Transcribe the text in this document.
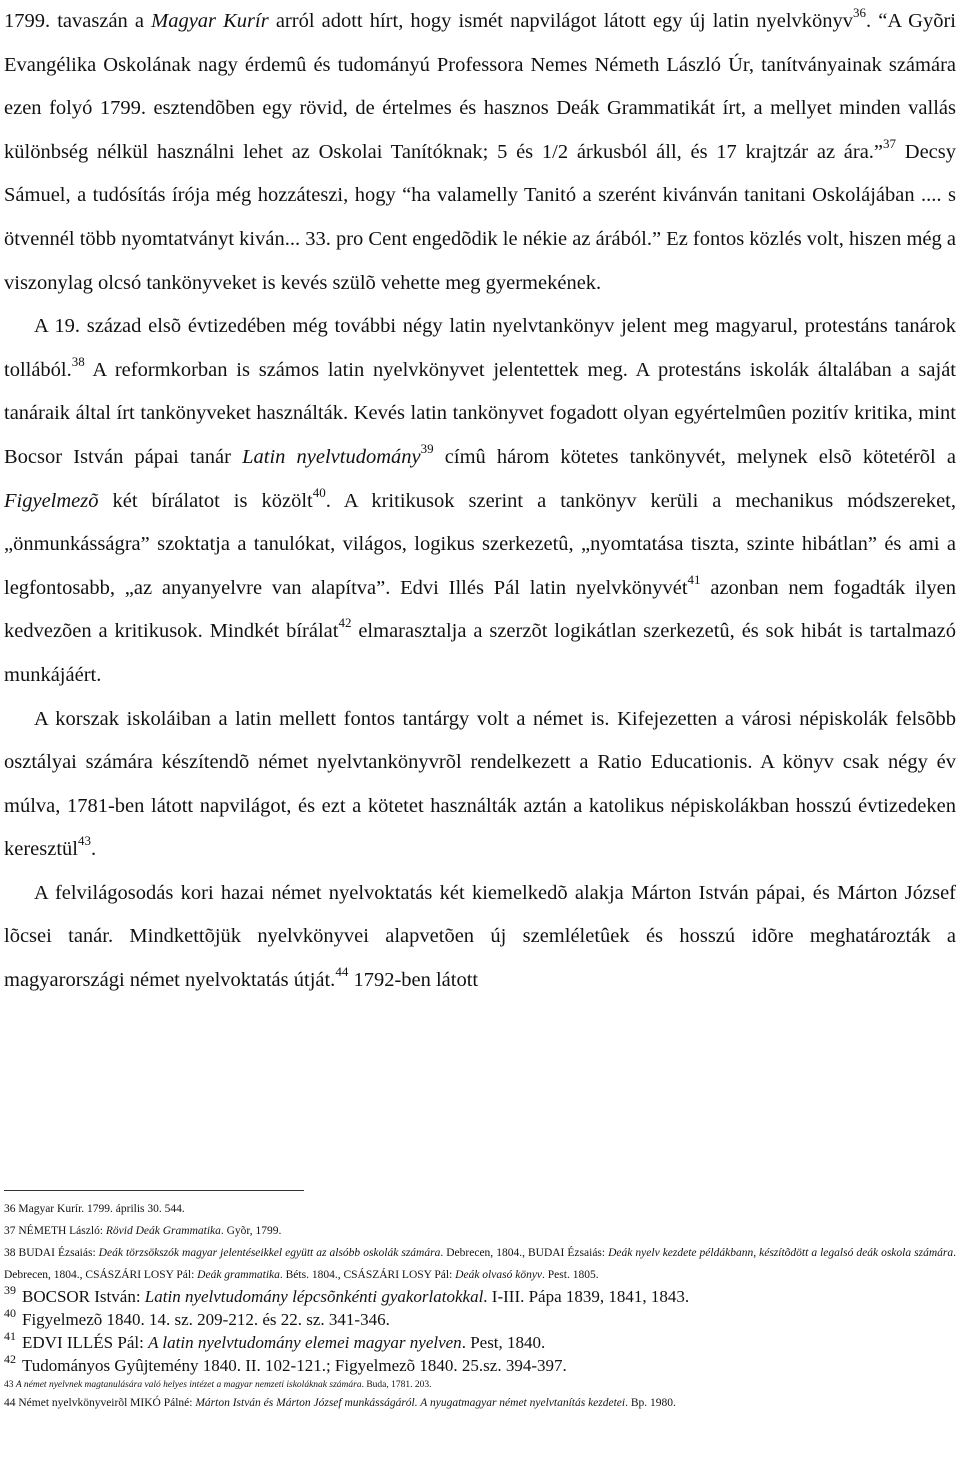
1799. tavaszán a Magyar Kurír arról adott hírt, hogy ismét napvilágot látott egy új latin nyelvkönyv$^{36}$. “A Gyõri Evangélika Oskolának nagy érdemû és tudományú Professora Nemes Németh László Úr, tanítványainak számára ezen folyó 1799. esztendõben egy rövid, de értelmes és hasznos Deák Grammatikát írt, a mellyet minden vallás különbség nélkül használni lehet az Oskolai Tanítóknak; 5 és 1/2 árkusból áll, és 17 krajtzár az ára.”$^{37}$ Decsy Sámuel, a tudósítás írója még hozzáteszi, hogy “ha valamelly Tanitó a szerént kivánván tanitani Oskolájában .... s ötvennél több nyomtatványt kiván... 33. pro Cent engedõdik le nékie az árából.” Ez fontos közlés volt, hiszen még a viszonylag olcsó tankönyveket is kevés szülõ vehette meg gyermekének.

A 19. század elsõ évtizedében még további négy latin nyelvtankönyv jelent meg magyarul, protestáns tanárok tollából.$^{38}$ A reformkorban is számos latin nyelvkönyvet jelentettek meg. A protestáns iskolák általában a saját tanáraik által írt tankönyveket használták. Kevés latin tankönyvet fogadott olyan egyértelmûen pozitív kritika, mint Bocsor István pápai tanár Latin nyelvtudomány$^{39}$ címû három kötetes tankönyvét, melynek elsõ kötetérõl a Figyelmezõ két bírálatot is közölt$^{40}$. A kritikusok szerint a tankönyv kerüli a mechanikus módszereket, „önmunkásságra” szoktatja a tanulókat, világos, logikus szerkezetû, „nyomtatása tiszta, szinte hibátlan” és ami a legfontosabb, „az anyanyelvre van alapítva”. Edvi Illés Pál latin nyelvkönyvét$^{41}$ azonban nem fogadták ilyen kedvezõen a kritikusok. Mindkét bírálat$^{42}$ elmarasztalja a szerzõt logikátlan szerkezetû, és sok hibát is tartalmazó munkájáért.

A korszak iskoláiban a latin mellett fontos tantárgy volt a német is. Kifejezetten a városi népiskolák felsõbb osztályai számára készítendõ német nyelvtankönyvrõl rendelkezett a Ratio Educationis. A könyv csak négy év múlva, 1781-ben látott napvilágot, és ezt a kötetet használták aztán a katolikus népiskolákban hosszú évtizedeken keresztül$^{43}$.

A felvilágosodás kori hazai német nyelvoktatás két kiemelkedõ alakja Márton István pápai, és Márton József lõcsei tanár. Mindkettõjük nyelvkönyvei alapvetõen új szemléletûek és hosszú idõre meghatározták a magyarországi német nyelvoktatás útját.$^{44}$ 1792-ben látott

36 Magyar Kurír. 1799. április 30. 544.

37 NÉMETH László: Rövid Deák Grammatika. Gyõr, 1799.

38 BUDAI Ézsaiás: Deák törzsökszók magyar jelentéseikkel együtt az alsóbb oskolák számára. Debrecen, 1804., BUDAI Ézsaiás: Deák nyelv kezdete példákbann, készítõdött a legalsó deák oskola számára. Debrecen, 1804., CSÁSZÁRI LOSY Pál: Deák grammatika. Béts. 1804., CSÁSZÁRI LOSY Pál: Deák olvasó könyv. Pest. 1805.

$^{39}$ BOCSOR István: Latin nyelvtudomány lépcsõnkénti gyakorlatokkal. I-III. Pápa 1839, 1841, 1843.

$^{40}$ Figyelmezõ 1840. 14. sz. 209-212. és 22. sz. 341-346.

$^{41}$ EDVI ILLÉS Pál: A latin nyelvtudomány elemei magyar nyelven. Pest, 1840.

$^{42}$ Tudományos Gyûjtemény 1840. II. 102-121.; Figyelmezõ 1840. 25.sz. 394-397.

43 A német nyelvnek magtanulására való helyes intézet a magyar nemzeti iskoláknak számára. Buda, 1781. 203.

44 Német nyelvkönyveirõl MIKÓ Pálné: Márton István és Márton József munkásságáról. A nyugatmagyar német nyelvtanítás kezdetei. Bp. 1980.
